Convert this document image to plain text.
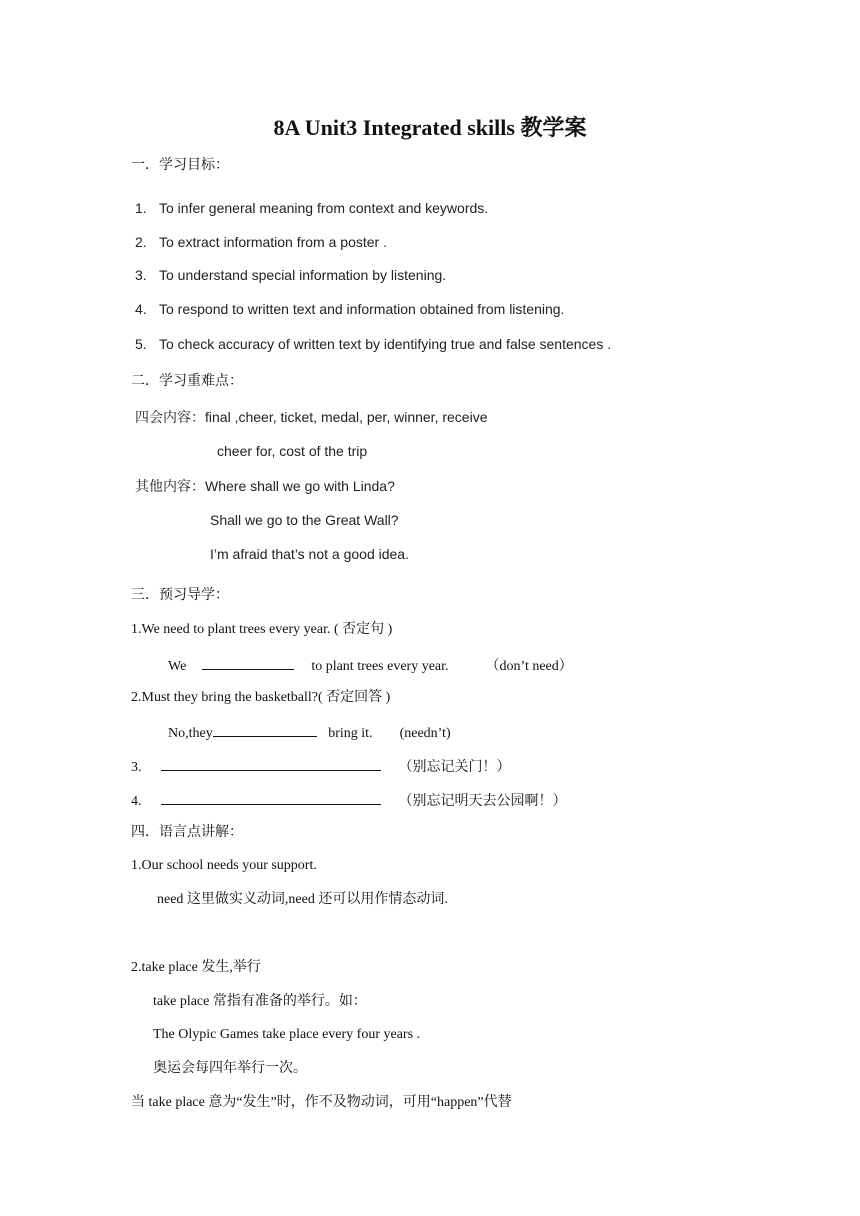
8A Unit3 Integrated skills 教学案
一．学习目标：
1. To infer general meaning from context and keywords.
2. To extract information from a poster .
3. To understand special information by listening.
4. To respond to written text and information obtained from listening.
5. To check accuracy of written text by identifying true and false sentences .
二．学习重难点：
四会内容：final ,cheer, ticket, medal, per, winner, receive
cheer for, cost of the trip
其他内容：Where shall we go with Linda?
Shall we go to the Great Wall?
I’m afraid that’s not a good idea.
三．预习导学：
1.We need to plant trees every year. ( 否定句 )
We	to plant trees every year.	（don’t need）
2.Must they bring the basketball?( 否定回答 )
No,they	bring it. (needn’t)
3.	（别忘记关门！）
4.	（别忘记明天去公园啊！）
四．语言点讲解：
1.Our school needs your support.
need 这里做实义动词,need 还可以用作情态动词.
2.take place 发生,举行
take place 常指有准备的举行。如：
The Olypic Games take place every four years .
奥运会每四年举行一次。
当 take place 意为“发生”时，作不及物动词，可用“happen”代替
